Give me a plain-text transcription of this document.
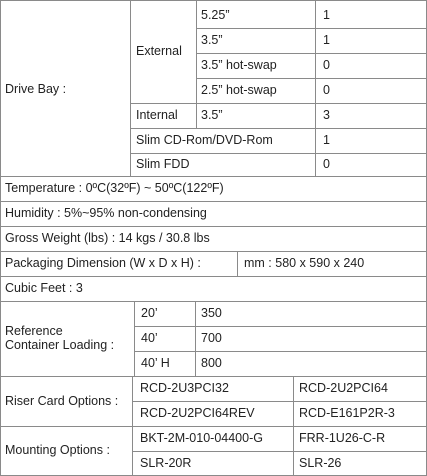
Drive Bay :
External
5.25”	1
3.5”	1
3.5” hot-swap	0
2.5” hot-swap	0
Internal 3.5”	3
Slim CD-Rom/DVD-Rom	1
Slim FDD	0
Temperature : 0ºC(32ºF) ~ 50ºC(122ºF)
Humidity : 5%~95% non-condensing
Gross Weight (lbs) : 14 kgs / 30.8 lbs
Packaging Dimension (W x D x H) :	mm : 580 x 590 x 240
Cubic Feet : 3
Reference
Container Loading :
20’	350
40’	700
40’ H	800
Riser Card Options :
RCD-2U3PCI32	RCD-2U2PCI64
RCD-2U2PCI64REV	RCD-E161P2R-3
Mounting Options :
BKT-2M-010-04400-G	FRR-1U26-C-R
SLR-20R	SLR-26
